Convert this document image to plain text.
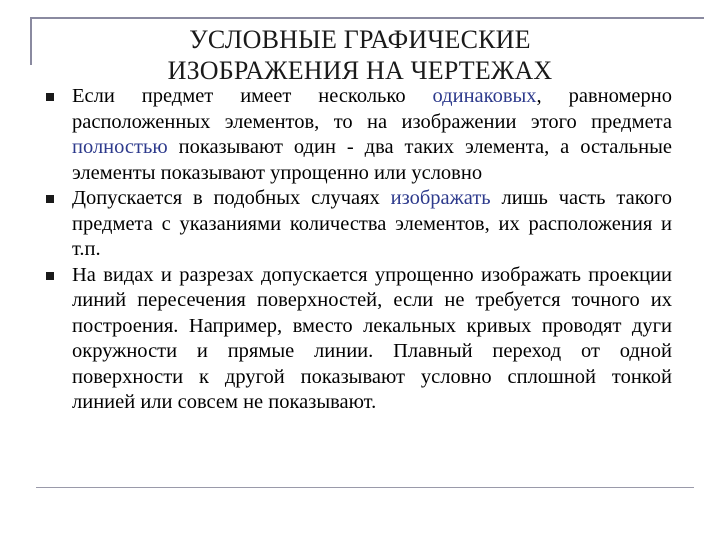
УСЛОВНЫЕ ГРАФИЧЕСКИЕ
ИЗОБРАЖЕНИЯ НА ЧЕРТЕЖАХ
Если предмет имеет несколько одинаковых, равномерно расположенных элементов, то на изображении этого предмета полностью показывают один - два таких элемента, а остальные элементы показывают упрощенно или условно
Допускается в подобных случаях изображать лишь часть такого предмета с указаниями количества элементов, их расположения и т.п.
На видах и разрезах допускается упрощенно изображать проекции линий пересечения поверхностей, если не требуется точного их построения. Например, вместо лекальных кривых проводят дуги окружности и прямые линии. Плавный переход от одной поверхности к другой показывают условно сплошной тонкой линией или совсем не показывают.
